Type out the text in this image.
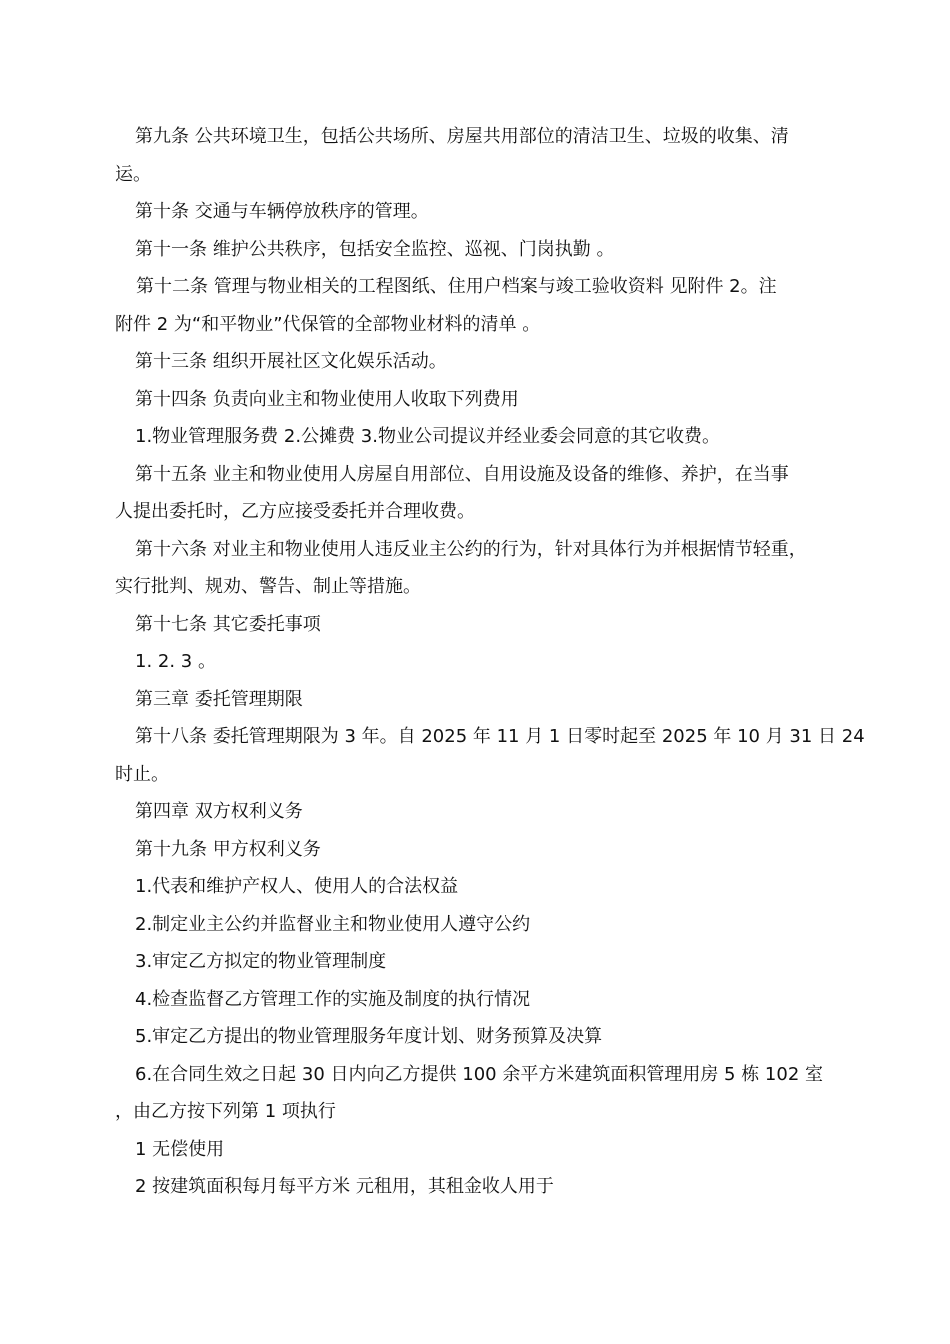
第九条 公共环境卫生，包括公共场所、房屋共用部位的清洁卫生、垃圾的收集、清

运。

第十条 交通与车辆停放秩序的管理。

第十一条 维护公共秩序，包括安全监控、巡视、门岗执勤 。

第十二条 管理与物业相关的工程图纸、住用户档案与竣工验收资料 见附件 2。注

附件 2 为“和平物业”代保管的全部物业材料的清单 。

第十三条 组织开展社区文化娱乐活动。

第十四条 负责向业主和物业使用人收取下列费用

1.物业管理服务费 2.公摊费 3.物业公司提议并经业委会同意的其它收费。

第十五条 业主和物业使用人房屋自用部位、自用设施及设备的维修、养护，在当事

人提出委托时，乙方应接受委托并合理收费。

第十六条 对业主和物业使用人违反业主公约的行为，针对具体行为并根据情节轻重，

实行批判、规劝、警告、制止等措施。

第十七条 其它委托事项

1. 2. 3 。

第三章 委托管理期限

第十八条 委托管理期限为 3 年。自 2025 年 11 月 1 日零时起至 2025 年 10 月 31 日 24

时止。

第四章 双方权利义务

第十九条 甲方权利义务

1.代表和维护产权人、使用人的合法权益

2.制定业主公约并监督业主和物业使用人遵守公约

3.审定乙方拟定的物业管理制度

4.检查监督乙方管理工作的实施及制度的执行情况

5.审定乙方提出的物业管理服务年度计划、财务预算及决算

6.在合同生效之日起 30 日内向乙方提供 100 余平方米建筑面积管理用房 5 栋 102 室

，由乙方按下列第 1 项执行

1 无偿使用

2 按建筑面积每月每平方米 元租用，其租金收人用于
